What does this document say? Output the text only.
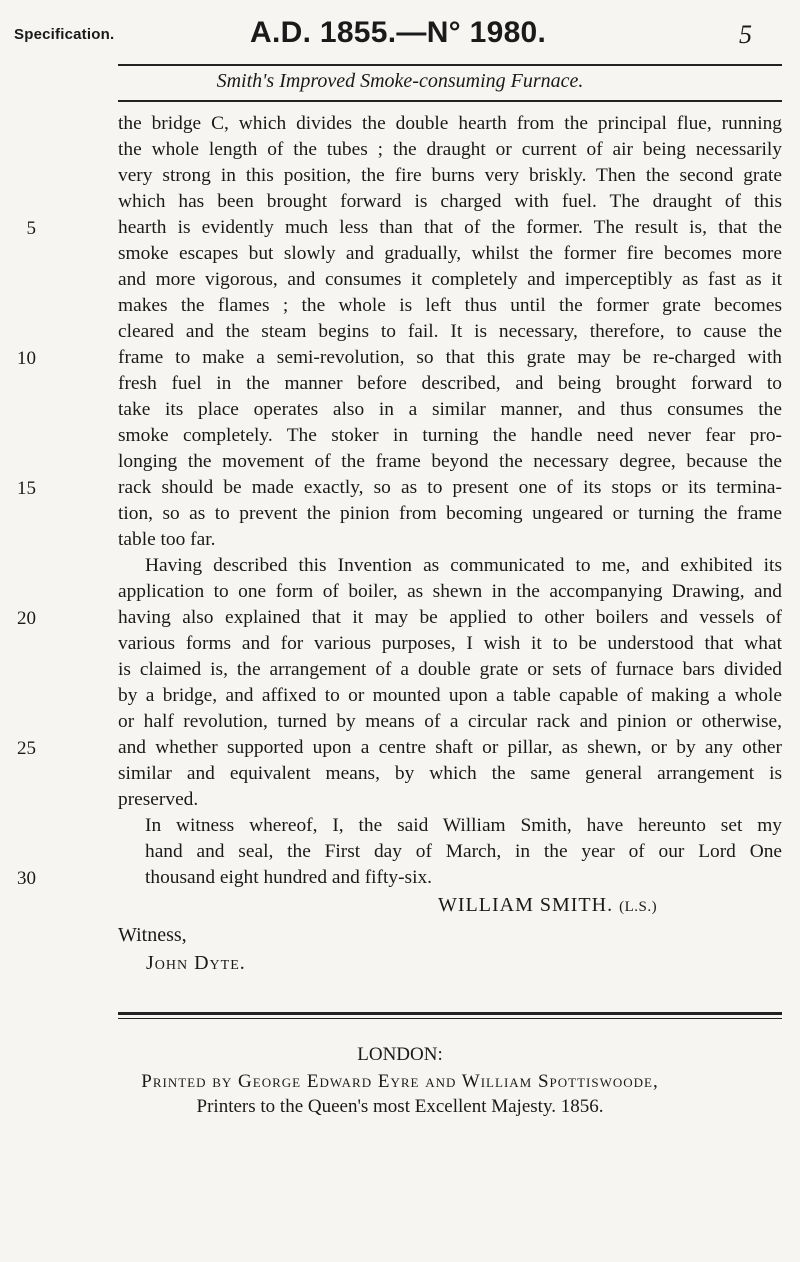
Specification.	A.D. 1855.—N° 1980.	5
Smith's Improved Smoke-consuming Furnace.
the bridge C, which divides the double hearth from the principal flue, running
the whole length of the tubes ; the draught or current of air being necessarily
very strong in this position, the fire burns very briskly. Then the second grate
which has been brought forward is charged with fuel. The draught of this
5	hearth is evidently much less than that of the former. The result is, that the
smoke escapes but slowly and gradually, whilst the former fire becomes more
and more vigorous, and consumes it completely and imperceptibly as fast as it
makes the flames ; the whole is left thus until the former grate becomes
cleared and the steam begins to fail. It is necessary, therefore, to cause the
10	frame to make a semi-revolution, so that this grate may be re-charged with
fresh fuel in the manner before described, and being brought forward to
take its place operates also in a similar manner, and thus consumes the
smoke completely. The stoker in turning the handle need never fear pro-
longing the movement of the frame beyond the necessary degree, because the
15	rack should be made exactly, so as to present one of its stops or its termina-
tion, so as to prevent the pinion from becoming ungeared or turning the frame
table too far.
Having described this Invention as communicated to me, and exhibited its
application to one form of boiler, as shewn in the accompanying Drawing, and
20	having also explained that it may be applied to other boilers and vessels of
various forms and for various purposes, I wish it to be understood that what
is claimed is, the arrangement of a double grate or sets of furnace bars divided
by a bridge, and affixed to or mounted upon a table capable of making a whole
or half revolution, turned by means of a circular rack and pinion or otherwise,
25	and whether supported upon a centre shaft or pillar, as shewn, or by any other
similar and equivalent means, by which the same general arrangement is
preserved.
In witness whereof, I, the said William Smith, have hereunto set my
hand and seal, the First day of March, in the year of our Lord One
30	thousand eight hundred and fifty-six.
WILLIAM SMITH. (L.S.)
Witness,
John Dyte.
LONDON:
Printed by George Edward Eyre and William Spottiswoode,
Printers to the Queen's most Excellent Majesty. 1856.
